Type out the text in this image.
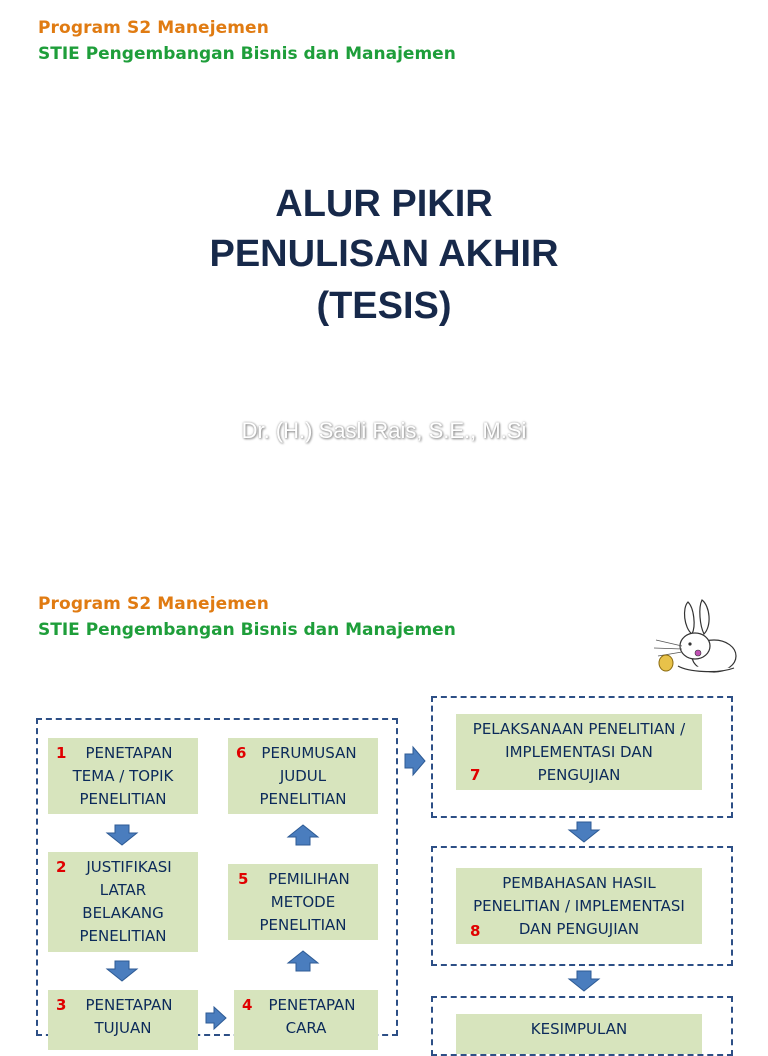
Program S2 Manejemen
STIE Pengembangan Bisnis dan Manajemen
ALUR PIKIR
PENULISAN AKHIR
(TESIS)
Dr. (H.) Sasli Rais, S.E., M.Si
Program S2 Manejemen
STIE Pengembangan Bisnis dan Manajemen
1	PENETAPAN
TEMA / TOPIK
PENELITIAN
2	JUSTIFIKASI
LATAR
BELAKANG
PENELITIAN
3	PENETAPAN
TUJUAN
4	PENETAPAN
CARA
5	PEMILIHAN
METODE
PENELITIAN
6 PERUMUSAN
JUDUL
PENELITIAN
7
PELAKSANAAN PENELITIAN /
IMPLEMENTASI DAN
PENGUJIAN
8
PEMBAHASAN HASIL
PENELITIAN / IMPLEMENTASI
DAN PENGUJIAN
KESIMPULAN
